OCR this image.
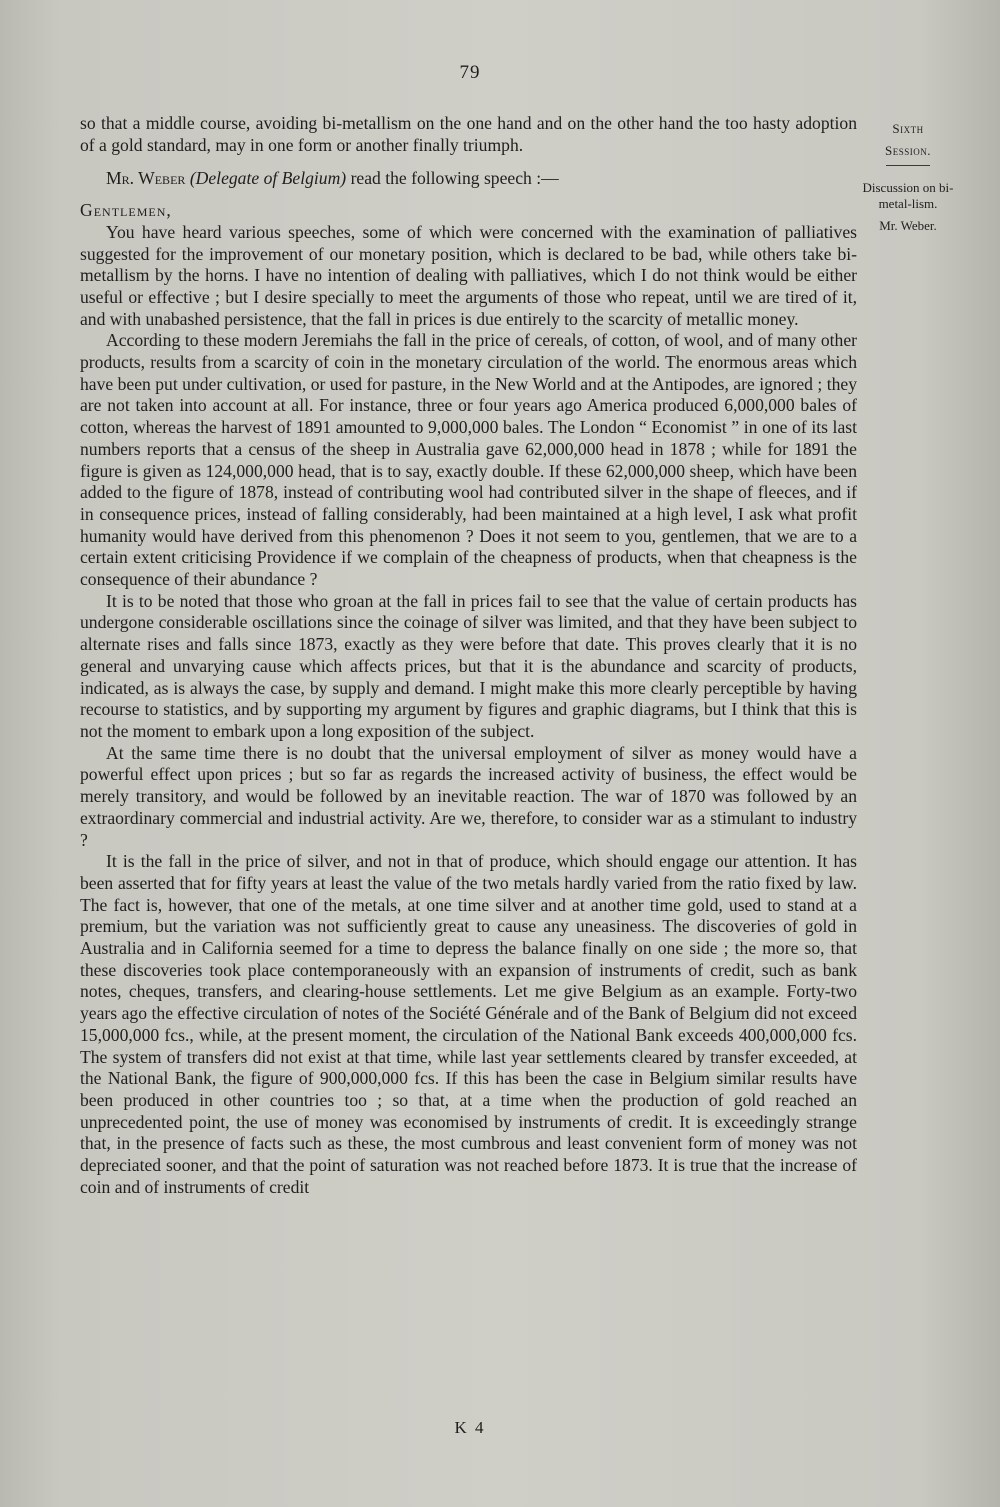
79

so that a middle course, avoiding bi-metallism on the one hand and on the other hand the too hasty adoption of a gold standard, may in one form or another finally triumph.

Mr. Weber (Delegate of Belgium) read the following speech :—

Gentlemen,

You have heard various speeches, some of which were concerned with the examination of palliatives suggested for the improvement of our monetary position, which is declared to be bad, while others take bi-metallism by the horns. I have no intention of dealing with palliatives, which I do not think would be either useful or effective ; but I desire specially to meet the arguments of those who repeat, until we are tired of it, and with unabashed persistence, that the fall in prices is due entirely to the scarcity of metallic money.

According to these modern Jeremiahs the fall in the price of cereals, of cotton, of wool, and of many other products, results from a scarcity of coin in the monetary circulation of the world. The enormous areas which have been put under cultivation, or used for pasture, in the New World and at the Antipodes, are ignored ; they are not taken into account at all. For instance, three or four years ago America produced 6,000,000 bales of cotton, whereas the harvest of 1891 amounted to 9,000,000 bales. The London “ Economist ” in one of its last numbers reports that a census of the sheep in Australia gave 62,000,000 head in 1878 ; while for 1891 the figure is given as 124,000,000 head, that is to say, exactly double. If these 62,000,000 sheep, which have been added to the figure of 1878, instead of contributing wool had contributed silver in the shape of fleeces, and if in consequence prices, instead of falling considerably, had been maintained at a high level, I ask what profit humanity would have derived from this phenomenon ? Does it not seem to you, gentlemen, that we are to a certain extent criticising Providence if we complain of the cheapness of products, when that cheapness is the consequence of their abundance ?

It is to be noted that those who groan at the fall in prices fail to see that the value of certain products has undergone considerable oscillations since the coinage of silver was limited, and that they have been subject to alternate rises and falls since 1873, exactly as they were before that date. This proves clearly that it is no general and unvarying cause which affects prices, but that it is the abundance and scarcity of products, indicated, as is always the case, by supply and demand. I might make this more clearly perceptible by having recourse to statistics, and by supporting my argument by figures and graphic diagrams, but I think that this is not the moment to embark upon a long exposition of the subject.

At the same time there is no doubt that the universal employment of silver as money would have a powerful effect upon prices ; but so far as regards the increased activity of business, the effect would be merely transitory, and would be followed by an inevitable reaction. The war of 1870 was followed by an extraordinary commercial and industrial activity. Are we, therefore, to consider war as a stimulant to industry ?

It is the fall in the price of silver, and not in that of produce, which should engage our attention. It has been asserted that for fifty years at least the value of the two metals hardly varied from the ratio fixed by law. The fact is, however, that one of the metals, at one time silver and at another time gold, used to stand at a premium, but the variation was not sufficiently great to cause any uneasiness. The discoveries of gold in Australia and in California seemed for a time to depress the balance finally on one side ; the more so, that these discoveries took place contemporaneously with an expansion of instruments of credit, such as bank notes, cheques, transfers, and clearing-house settlements. Let me give Belgium as an example. Forty-two years ago the effective circulation of notes of the Société Générale and of the Bank of Belgium did not exceed 15,000,000 fcs., while, at the present moment, the circulation of the National Bank exceeds 400,000,000 fcs. The system of transfers did not exist at that time, while last year settlements cleared by transfer exceeded, at the National Bank, the figure of 900,000,000 fcs. If this has been the case in Belgium similar results have been produced in other countries too ; so that, at a time when the production of gold reached an unprecedented point, the use of money was economised by instruments of credit. It is exceedingly strange that, in the presence of facts such as these, the most cumbrous and least convenient form of money was not depreciated sooner, and that the point of saturation was not reached before 1873. It is true that the increase of coin and of instruments of credit

Sixth
Session.
Discussion on bi-metal-lism.
Mr. Weber.
K 4
